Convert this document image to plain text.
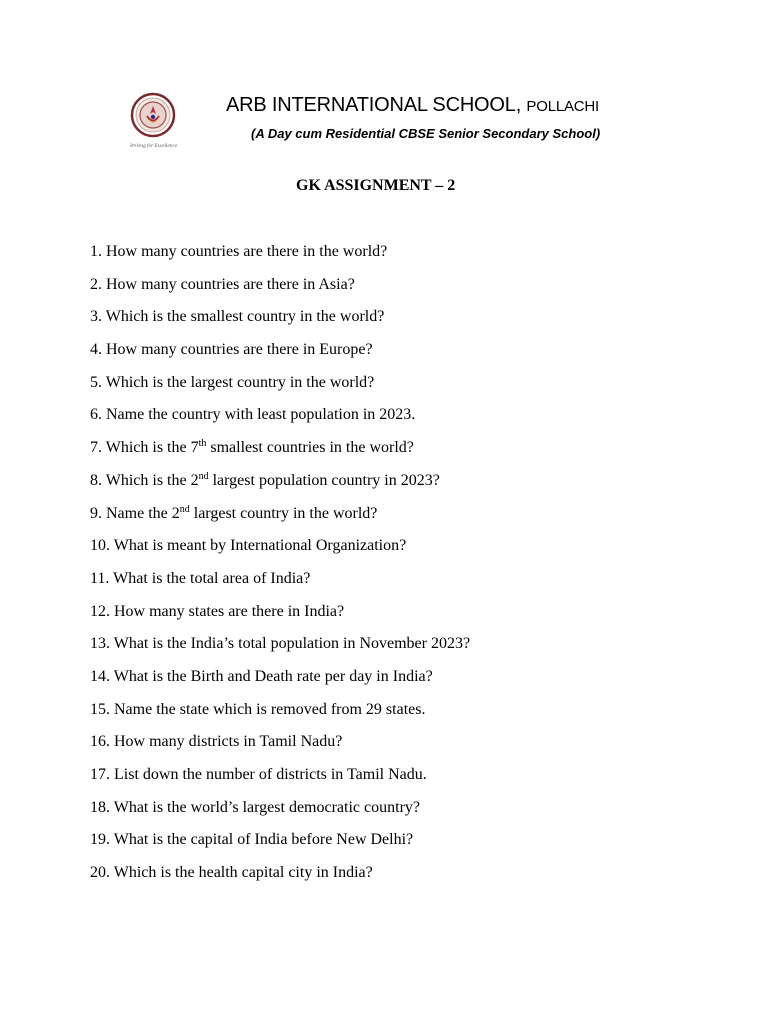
Striving for Excellence
ARB INTERNATIONAL SCHOOL, POLLACHI
(A Day cum Residential CBSE Senior Secondary School)
GK ASSIGNMENT – 2
1. How many countries are there in the world?
2. How many countries are there in Asia?
3. Which is the smallest country in the world?
4. How many countries are there in Europe?
5. Which is the largest country in the world?
6. Name the country with least population in 2023.
7. Which is the 7th smallest countries in the world?
8. Which is the 2nd largest population country in 2023?
9. Name the 2nd largest country in the world?
10. What is meant by International Organization?
11. What is the total area of India?
12. How many states are there in India?
13. What is the India’s total population in November 2023?
14. What is the Birth and Death rate per day in India?
15. Name the state which is removed from 29 states.
16. How many districts in Tamil Nadu?
17. List down the number of districts in Tamil Nadu.
18. What is the world’s largest democratic country?
19. What is the capital of India before New Delhi?
20. Which is the health capital city in India?
